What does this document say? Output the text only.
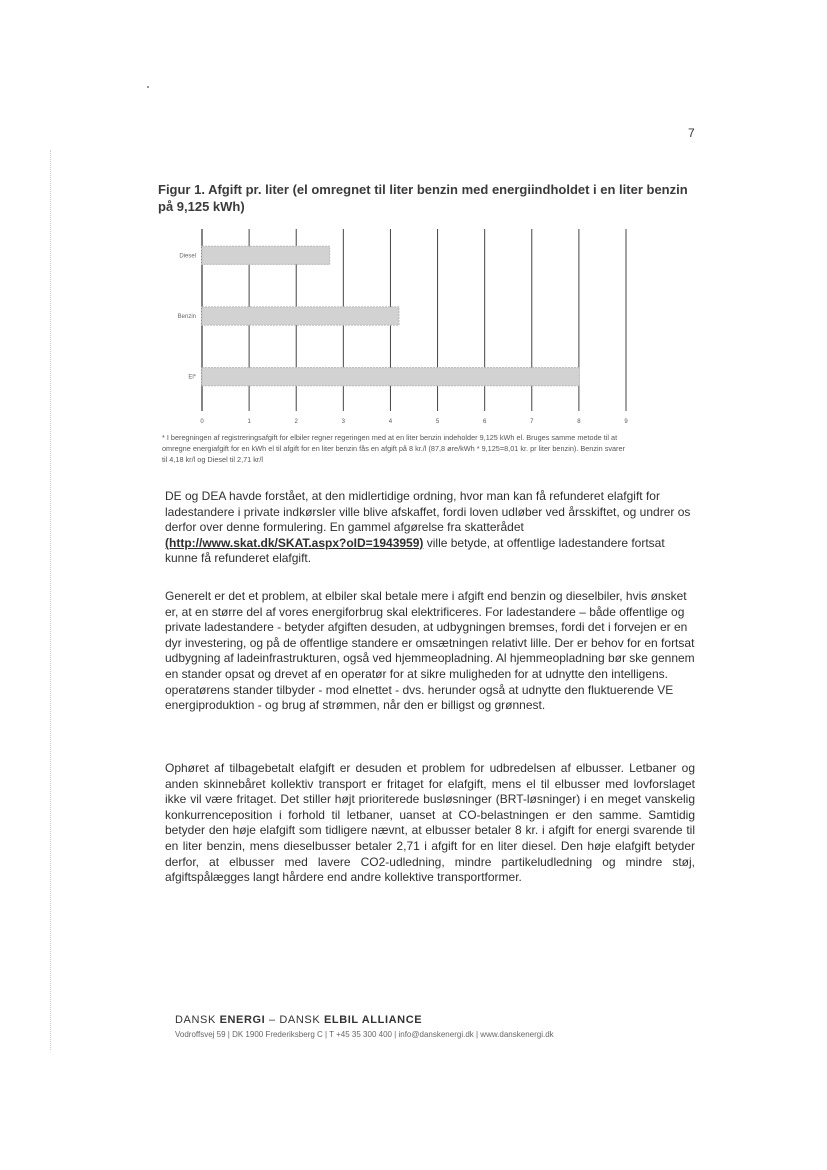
7
Figur 1. Afgift pr. liter (el omregnet til liter benzin med energiindholdet i en liter benzin på 9,125 kWh)
Diesel
Benzin
El*
0	1	2	3	4	5	6	7	8	9
* I beregningen af registreringsafgift for elbiler regner regeringen med at en liter benzin indeholder 9,125 kWh el. Bruges samme metode til at omregne energiafgift for en kWh el til afgift for en liter benzin fås en afgift på 8 kr./l (87,8 øre/kWh * 9,125=8,01 kr. pr liter benzin). Benzin svarer til 4,18 kr/l og Diesel til 2,71 kr/l

DE og DEA havde forstået, at den midlertidige ordning, hvor man kan få refunderet elafgift for ladestandere i private indkørsler ville blive afskaffet, fordi loven udløber ved årsskiftet, og undrer os derfor over denne formulering. En gammel afgørelse fra skatterådet (http://www.skat.dk/SKAT.aspx?oID=1943959) ville betyde, at offentlige ladestandere fortsat kunne få refunderet elafgift.

Generelt er det et problem, at elbiler skal betale mere i afgift end benzin og dieselbiler, hvis ønsket er, at en større del af vores energiforbrug skal elektrificeres. For ladestandere – både offentlige og private ladestandere - betyder afgiften desuden, at udbygningen bremses, fordi det i forvejen er en dyr investering, og på de offentlige standere er omsætningen relativt lille. Der er behov for en fortsat udbygning af ladeinfrastrukturen, også ved hjemmeopladning. Al hjemmeopladning bør ske gennem en stander opsat og drevet af en operatør for at sikre muligheden for at udnytte den intelligens. operatørens stander tilbyder - mod elnettet - dvs. herunder også at udnytte den fluktuerende VE energiproduktion - og brug af strømmen, når den er billigst og grønnest.

Ophøret af tilbagebetalt elafgift er desuden et problem for udbredelsen af elbusser. Letbaner og anden skinnebåret kollektiv transport er fritaget for elafgift, mens el til elbusser med lovforslaget ikke vil være fritaget. Det stiller højt prioriterede busløsninger (BRT-løsninger) i en meget vanskelig konkurrenceposition i forhold til letbaner, uanset at CO-belastningen er den samme. Samtidig betyder den høje elafgift som tidligere nævnt, at elbusser betaler 8 kr. i afgift for energi svarende til en liter benzin, mens dieselbusser betaler 2,71 i afgift for en liter diesel. Den høje elafgift betyder derfor, at elbusser med lavere CO2-udledning, mindre partikeludledning og mindre støj, afgiftspålægges langt hårdere end andre kollektive transportformer.

DANSK ENERGI – DANSK ELBIL ALLIANCE
Vodroffsvej 59 | DK 1900 Frederiksberg C | T +45 35 300 400 | info@danskenergi.dk | www.danskenergi.dk
